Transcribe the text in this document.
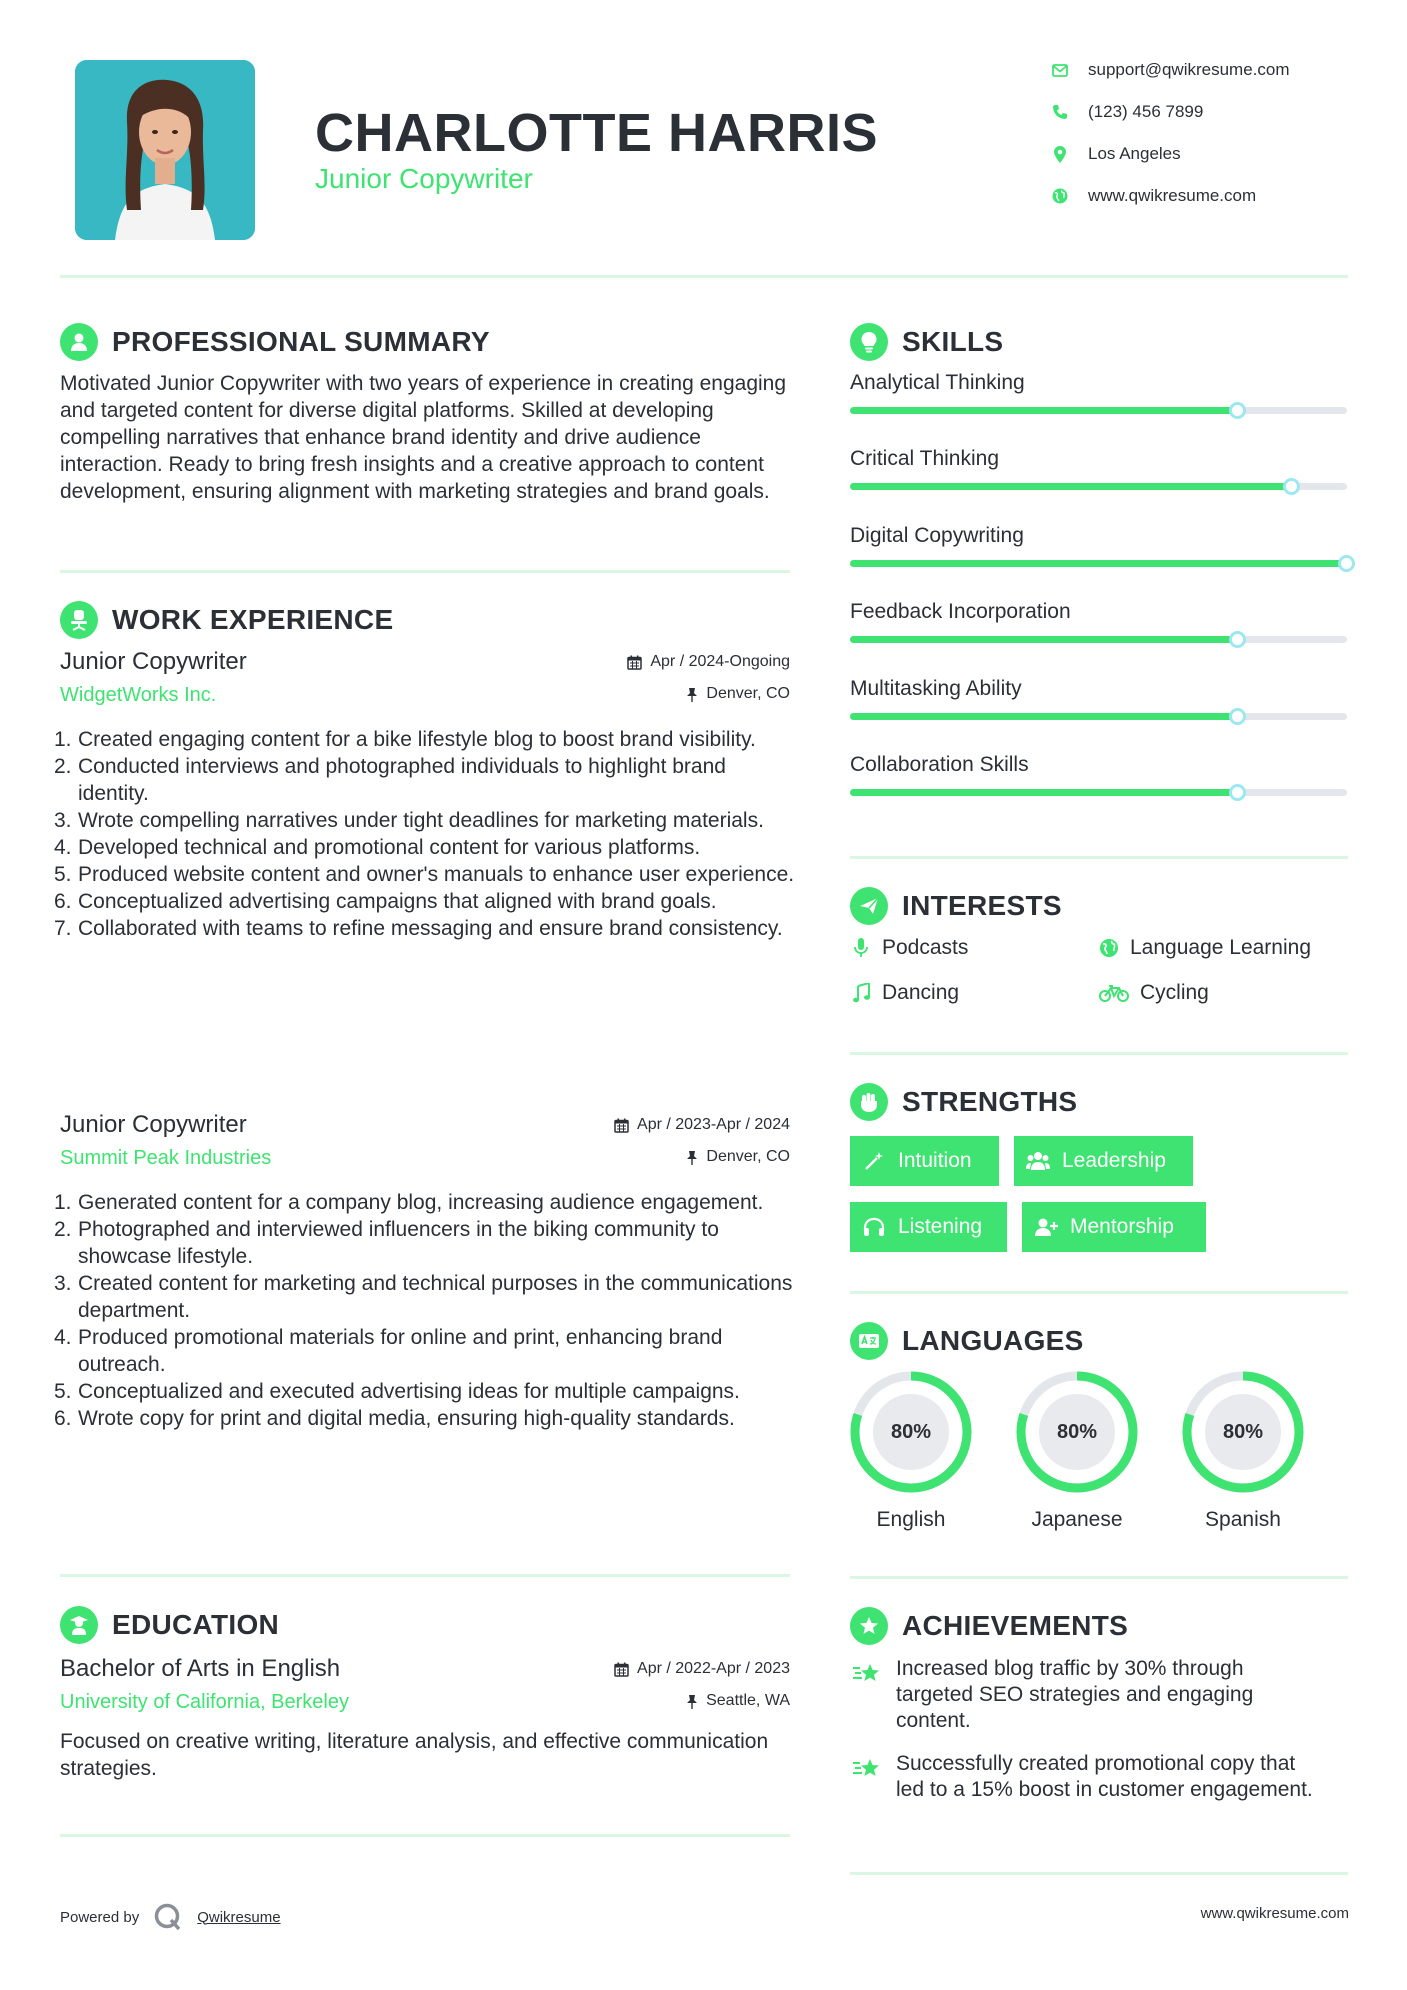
CHARLOTTE HARRIS
Junior Copywriter
support@qwikresume.com
(123) 456 7899
Los Angeles
www.qwikresume.com
PROFESSIONAL SUMMARY
Motivated Junior Copywriter with two years of experience in creating engaging and targeted content for diverse digital platforms. Skilled at developing compelling narratives that enhance brand identity and drive audience interaction. Ready to bring fresh insights and a creative approach to content development, ensuring alignment with marketing strategies and brand goals.
WORK EXPERIENCE
Junior Copywriter
WidgetWorks Inc.
Apr / 2024-Ongoing
Denver, CO
1. Created engaging content for a bike lifestyle blog to boost brand visibility.
2. Conducted interviews and photographed individuals to highlight brand identity.
3. Wrote compelling narratives under tight deadlines for marketing materials.
4. Developed technical and promotional content for various platforms.
5. Produced website content and owner's manuals to enhance user experience.
6. Conceptualized advertising campaigns that aligned with brand goals.
7. Collaborated with teams to refine messaging and ensure brand consistency.
Junior Copywriter
Summit Peak Industries
Apr / 2023-Apr / 2024
Denver, CO
1. Generated content for a company blog, increasing audience engagement.
2. Photographed and interviewed influencers in the biking community to showcase lifestyle.
3. Created content for marketing and technical purposes in the communications department.
4. Produced promotional materials for online and print, enhancing brand outreach.
5. Conceptualized and executed advertising ideas for multiple campaigns.
6. Wrote copy for print and digital media, ensuring high-quality standards.
EDUCATION
Bachelor of Arts in English
University of California, Berkeley
Apr / 2022-Apr / 2023
Seattle, WA
Focused on creative writing, literature analysis, and effective communication strategies.
SKILLS
Analytical Thinking
Critical Thinking
Digital Copywriting
Feedback Incorporation
Multitasking Ability
Collaboration Skills
INTERESTS
Podcasts	Language Learning
Dancing	Cycling
STRENGTHS
Intuition	Leadership
Listening	Mentorship
LANGUAGES
80%
English
80%
Japanese
80%
Spanish
ACHIEVEMENTS
Increased blog traffic by 30% through targeted SEO strategies and engaging content.
Successfully created promotional copy that led to a 15% boost in customer engagement.
Powered by	Qwikresume	www.qwikresume.com
